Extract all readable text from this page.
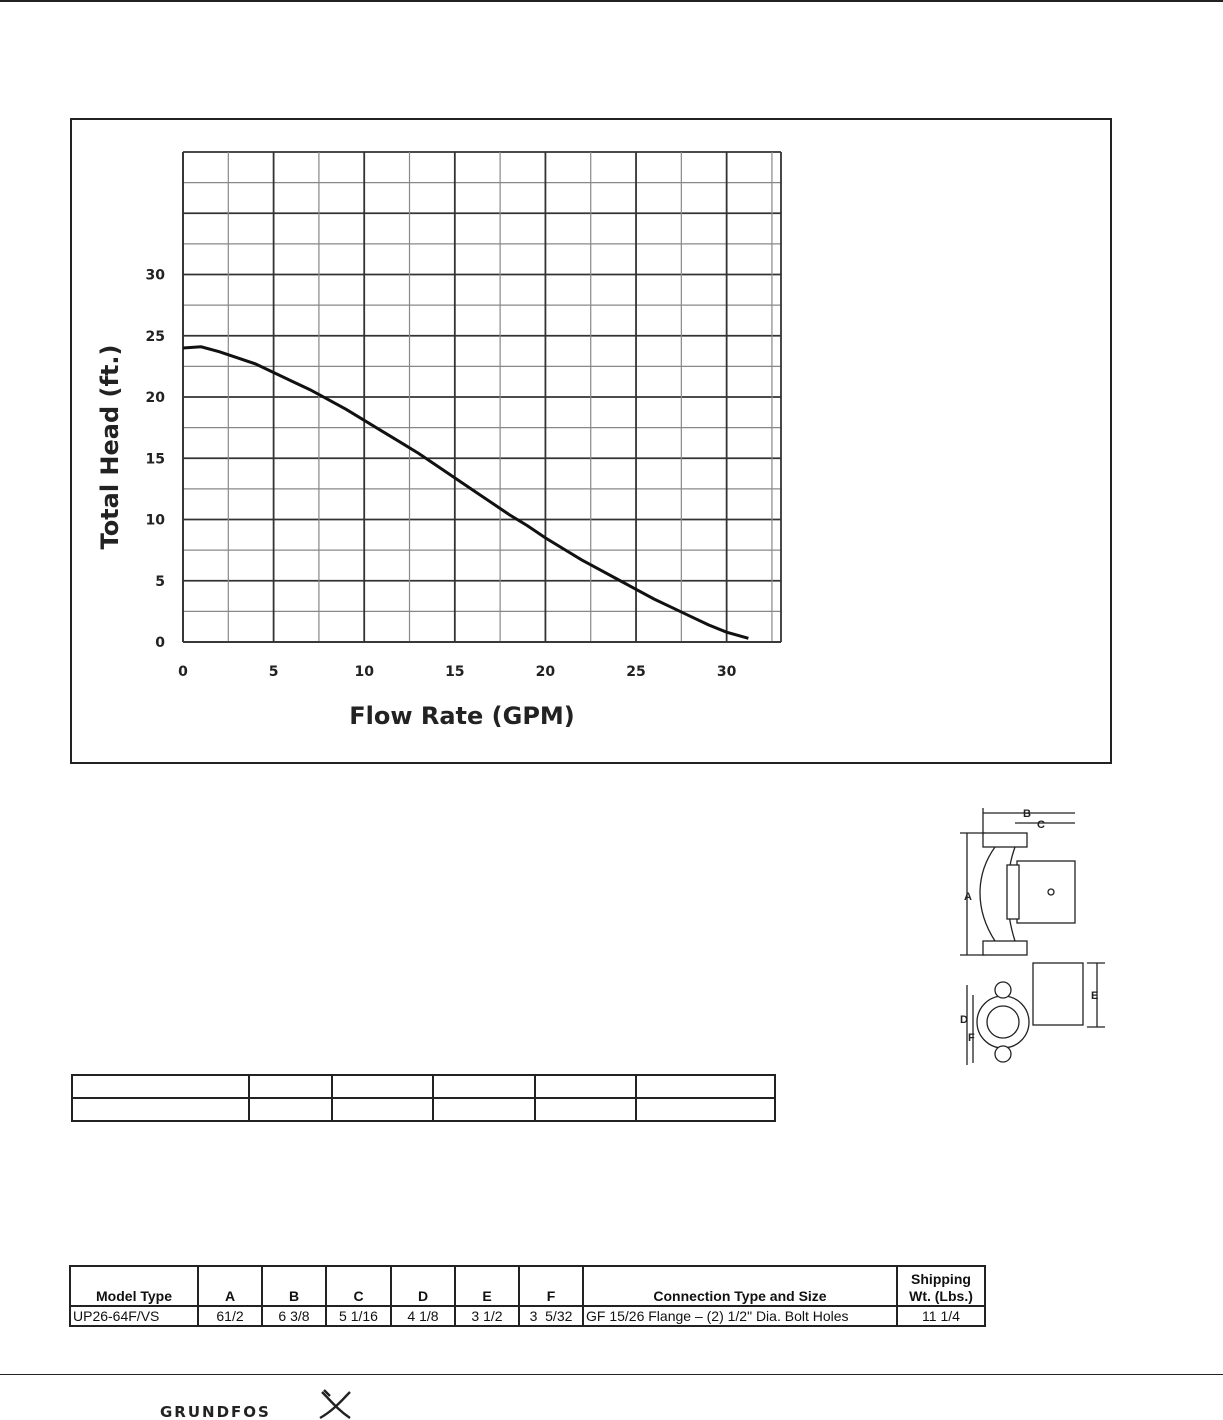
0	5	10	15	20	25	30
0
5
10
15
20
25
30
Flow Rate (GPM)
Total Head (ft.)
B
C
A
D
E
F

Model Type	A	B	C	D	E	F	Connection Type and Size	Shipping Wt. (Lbs.)
UP26-64F/VS	61/2	6 3/8	5 1/16	4 1/8	3 1/2	3  5/32	GF 15/26 Flange – (2) 1/2" Dia. Bolt Holes	11 1/4
GRUNDFOS
